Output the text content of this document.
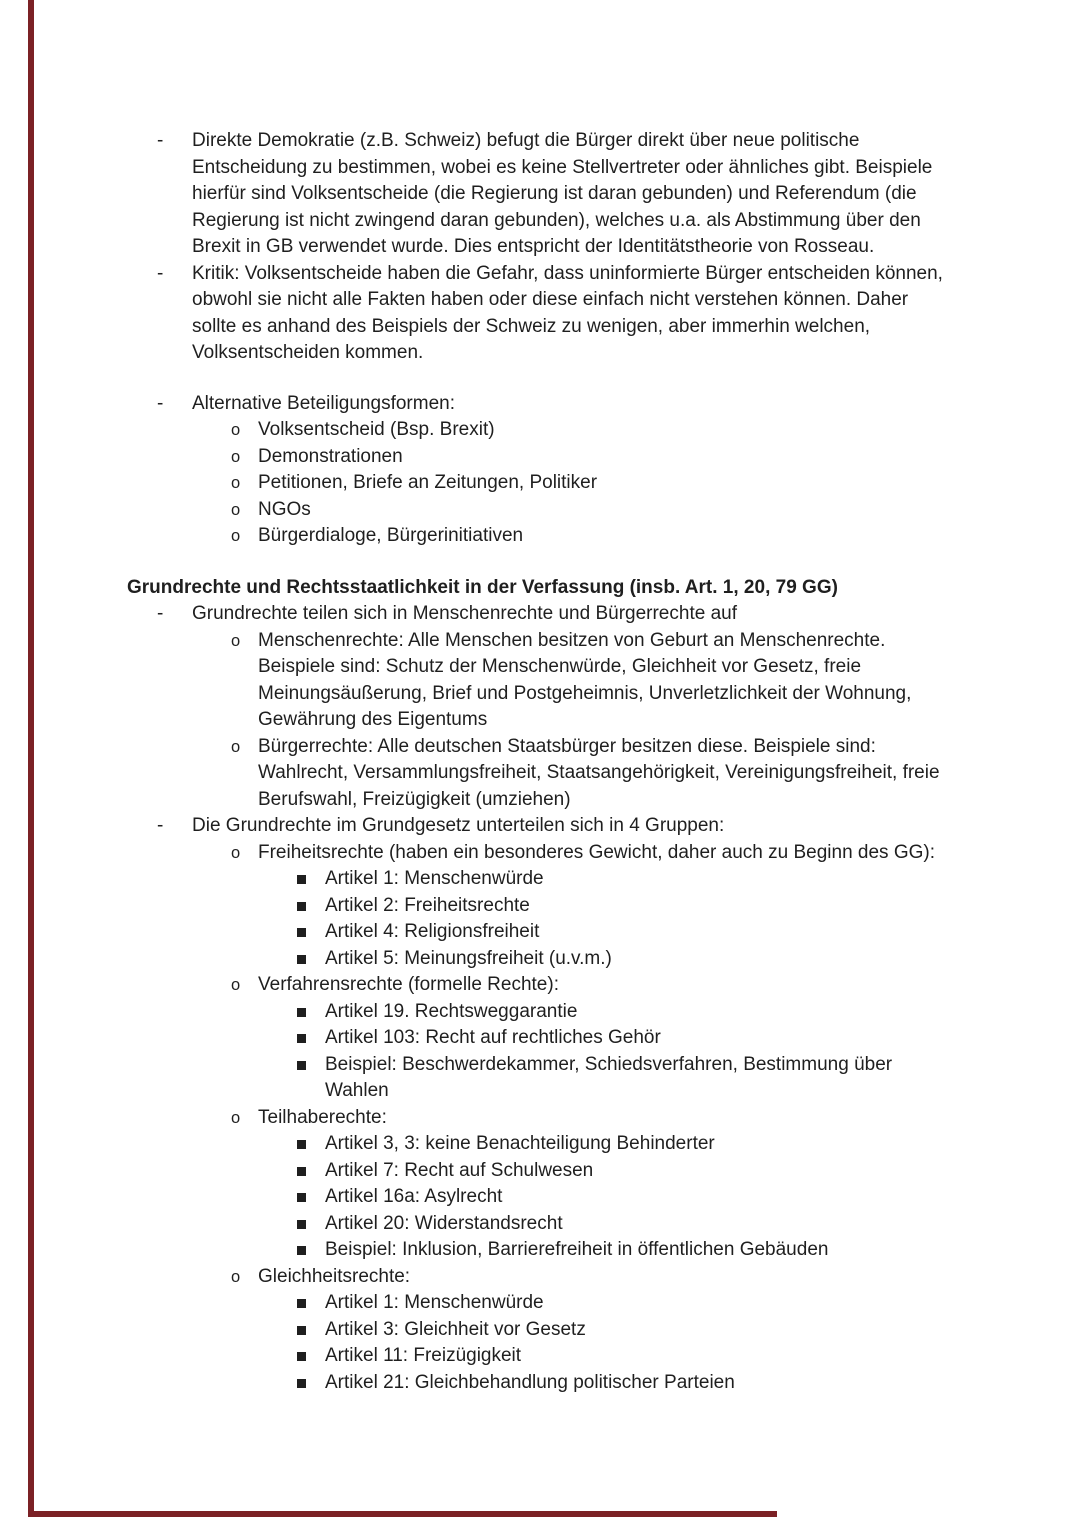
- Direkte Demokratie (z.B. Schweiz) befugt die Bürger direkt über neue politische
Entscheidung zu bestimmen, wobei es keine Stellvertreter oder ähnliches gibt. Beispiele
hierfür sind Volksentscheide (die Regierung ist daran gebunden) und Referendum (die
Regierung ist nicht zwingend daran gebunden), welches u.a. als Abstimmung über den
Brexit in GB verwendet wurde. Dies entspricht der Identitätstheorie von Rosseau.
- Kritik: Volksentscheide haben die Gefahr, dass uninformierte Bürger entscheiden können,
obwohl sie nicht alle Fakten haben oder diese einfach nicht verstehen können. Daher
sollte es anhand des Beispiels der Schweiz zu wenigen, aber immerhin welchen,
Volksentscheiden kommen.
- Alternative Beteiligungsformen:
o Volksentscheid (Bsp. Brexit)
o Demonstrationen
o Petitionen, Briefe an Zeitungen, Politiker
o NGOs
o Bürgerdialoge, Bürgerinitiativen
Grundrechte und Rechtsstaatlichkeit in der Verfassung (insb. Art. 1, 20, 79 GG)
- Grundrechte teilen sich in Menschenrechte und Bürgerrechte auf
o Menschenrechte: Alle Menschen besitzen von Geburt an Menschenrechte.
Beispiele sind: Schutz der Menschenwürde, Gleichheit vor Gesetz, freie
Meinungsäußerung, Brief und Postgeheimnis, Unverletzlichkeit der Wohnung,
Gewährung des Eigentums
o Bürgerrechte: Alle deutschen Staatsbürger besitzen diese. Beispiele sind:
Wahlrecht, Versammlungsfreiheit, Staatsangehörigkeit, Vereinigungsfreiheit, freie
Berufswahl, Freizügigkeit (umziehen)
- Die Grundrechte im Grundgesetz unterteilen sich in 4 Gruppen:
o Freiheitsrechte (haben ein besonderes Gewicht, daher auch zu Beginn des GG):
Artikel 1: Menschenwürde
Artikel 2: Freiheitsrechte
Artikel 4: Religionsfreiheit
Artikel 5: Meinungsfreiheit (u.v.m.)
o Verfahrensrechte (formelle Rechte):
Artikel 19. Rechtsweggarantie
Artikel 103: Recht auf rechtliches Gehör
Beispiel: Beschwerdekammer, Schiedsverfahren, Bestimmung über
Wahlen
o Teilhaberechte:
Artikel 3, 3: keine Benachteiligung Behinderter
Artikel 7: Recht auf Schulwesen
Artikel 16a: Asylrecht
Artikel 20: Widerstandsrecht
Beispiel: Inklusion, Barrierefreiheit in öffentlichen Gebäuden
o Gleichheitsrechte:
Artikel 1: Menschenwürde
Artikel 3: Gleichheit vor Gesetz
Artikel 11: Freizügigkeit
Artikel 21: Gleichbehandlung politischer Parteien
